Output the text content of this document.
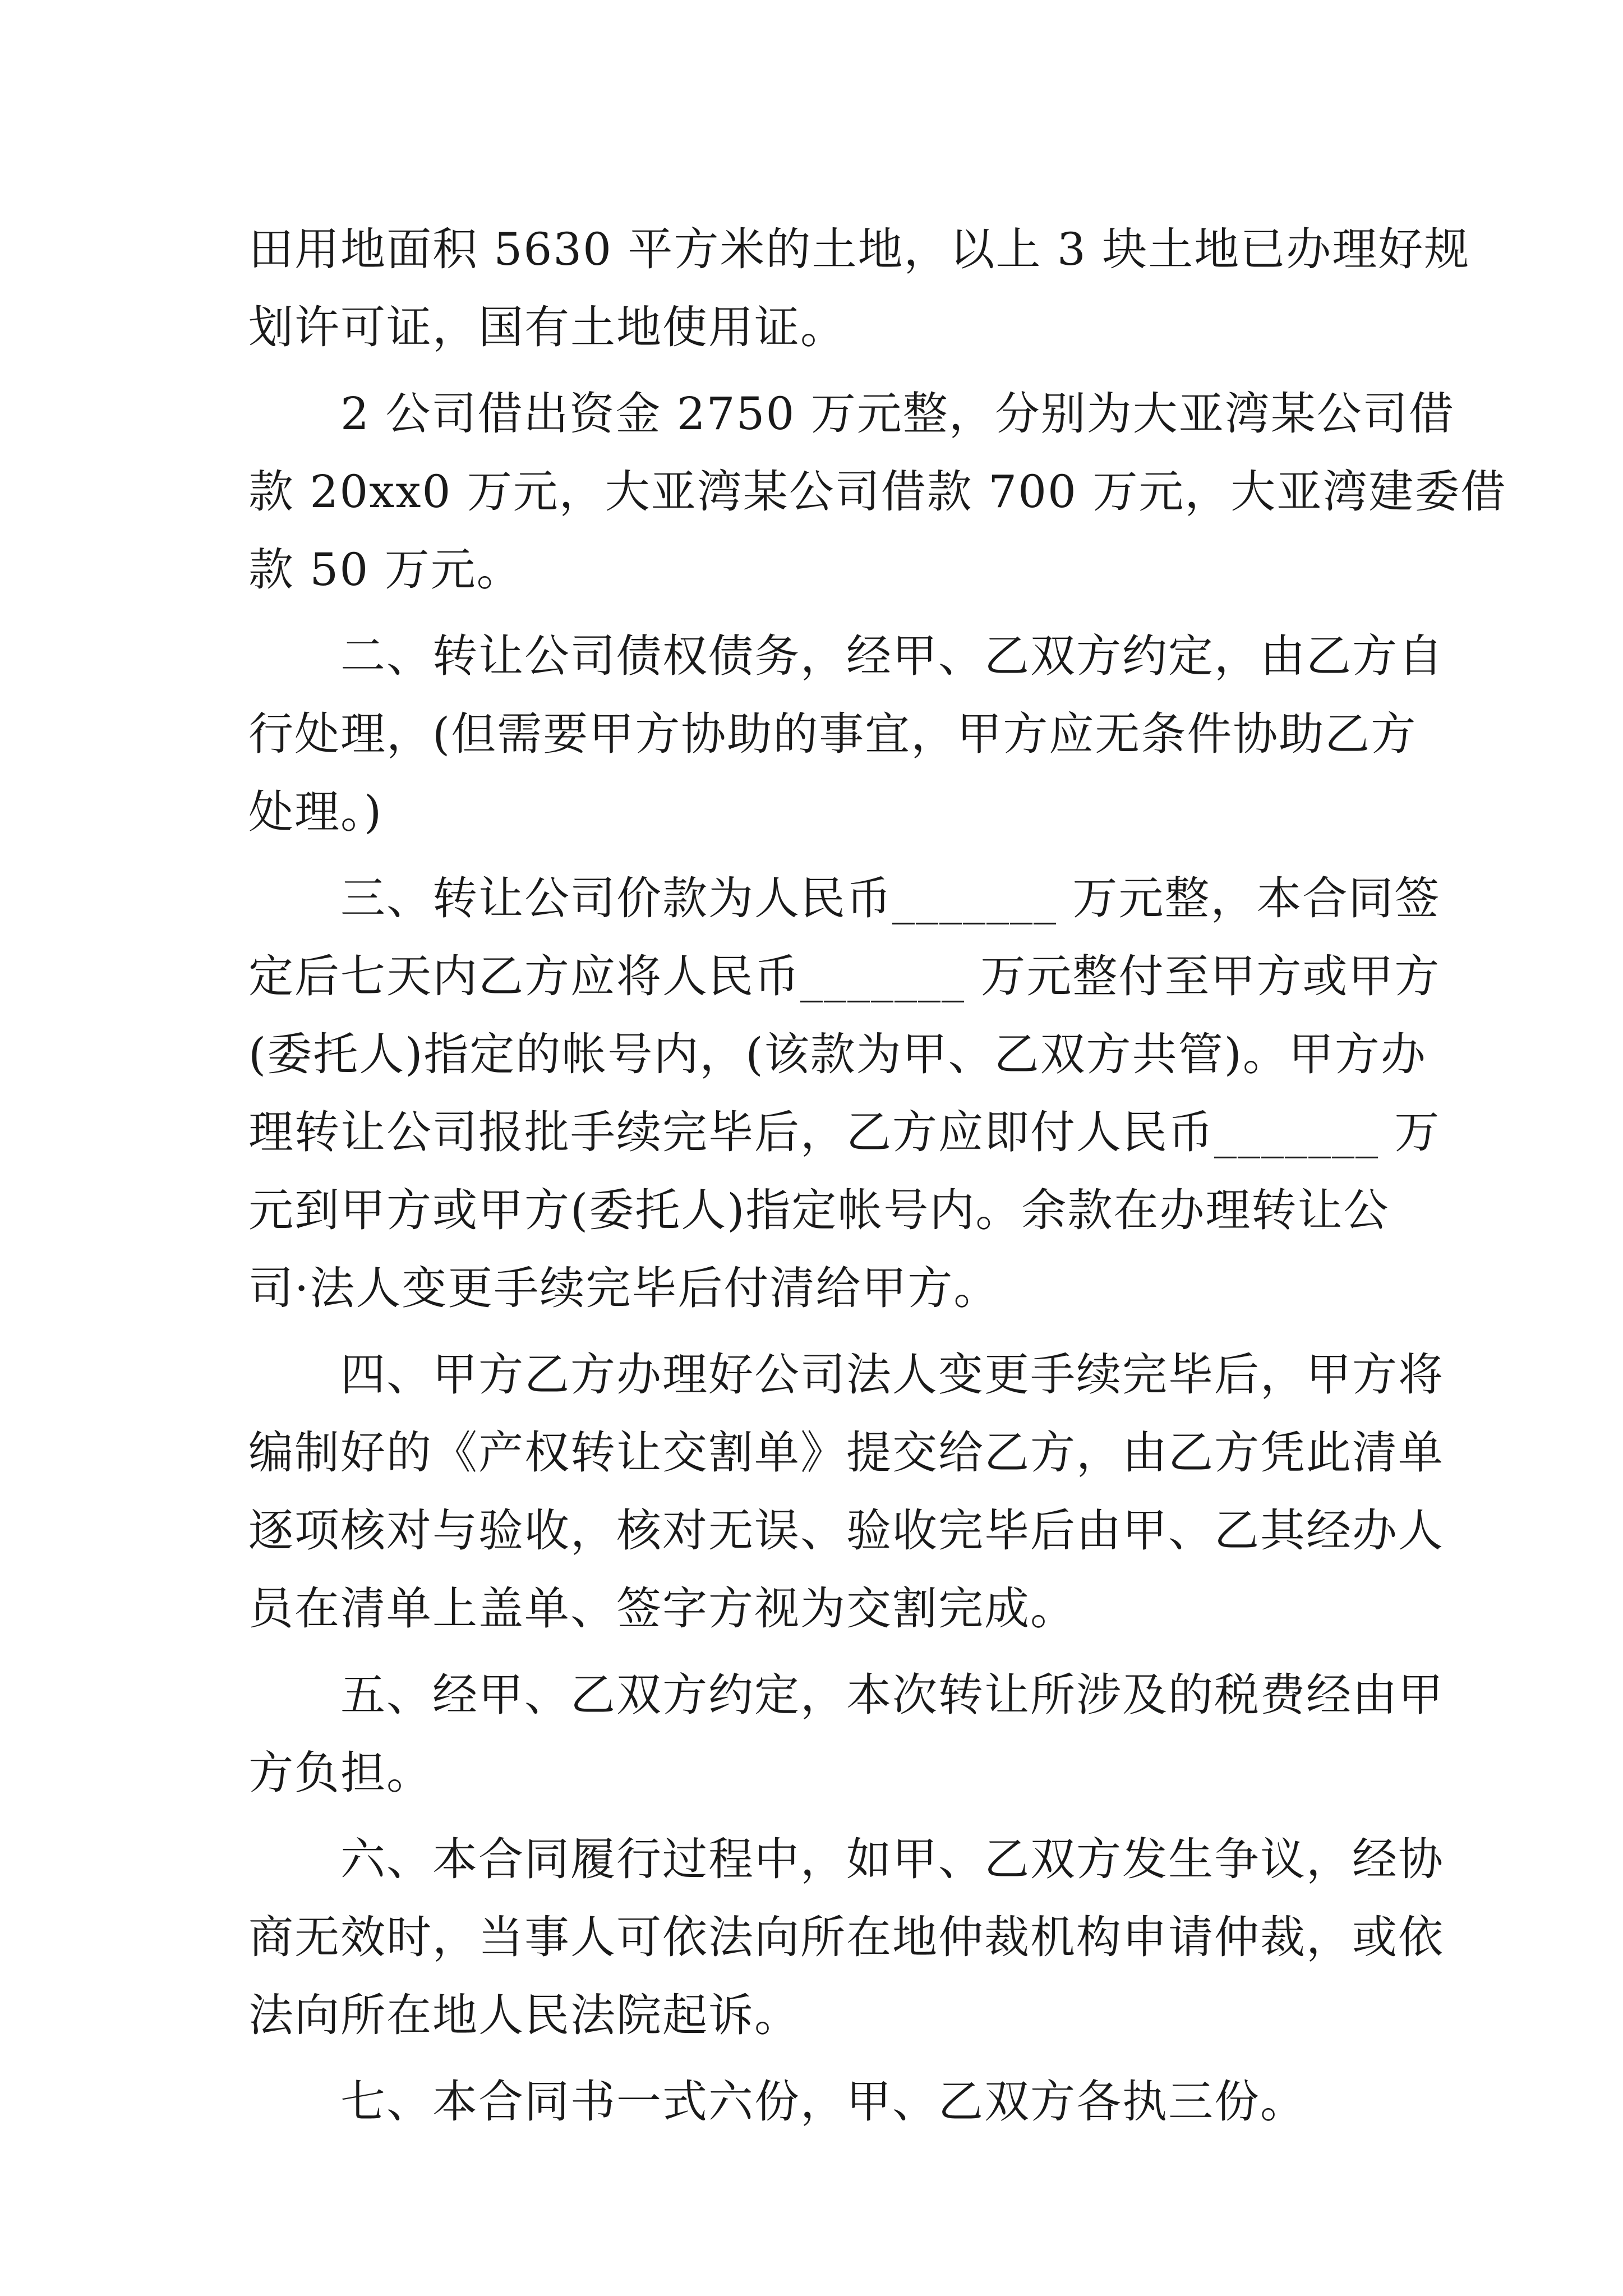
田用地面积 5630 平方米的土地，以上 3 块土地已办理好规
划许可证，国有土地使用证。
2 公司借出资金 2750 万元整，分别为大亚湾某公司借
款 20xx0 万元，大亚湾某公司借款 700 万元，大亚湾建委借
款 50 万元。
二、转让公司债权债务，经甲、乙双方约定，由乙方自
行处理，(但需要甲方协助的事宜，甲方应无条件协助乙方
处理。)
三、转让公司价款为人民币_______ 万元整，本合同签
定后七天内乙方应将人民币_______ 万元整付至甲方或甲方
(委托人)指定的帐号内，(该款为甲、乙双方共管)。甲方办
理转让公司报批手续完毕后，乙方应即付人民币_______ 万
元到甲方或甲方(委托人)指定帐号内。余款在办理转让公
司·法人变更手续完毕后付清给甲方。
四、甲方乙方办理好公司法人变更手续完毕后，甲方将
编制好的《产权转让交割单》提交给乙方，由乙方凭此清单
逐项核对与验收，核对无误、验收完毕后由甲、乙其经办人
员在清单上盖单、签字方视为交割完成。
五、经甲、乙双方约定，本次转让所涉及的税费经由甲
方负担。
六、本合同履行过程中，如甲、乙双方发生争议，经协
商无效时，当事人可依法向所在地仲裁机构申请仲裁，或依
法向所在地人民法院起诉。
七、本合同书一式六份，甲、乙双方各执三份。
